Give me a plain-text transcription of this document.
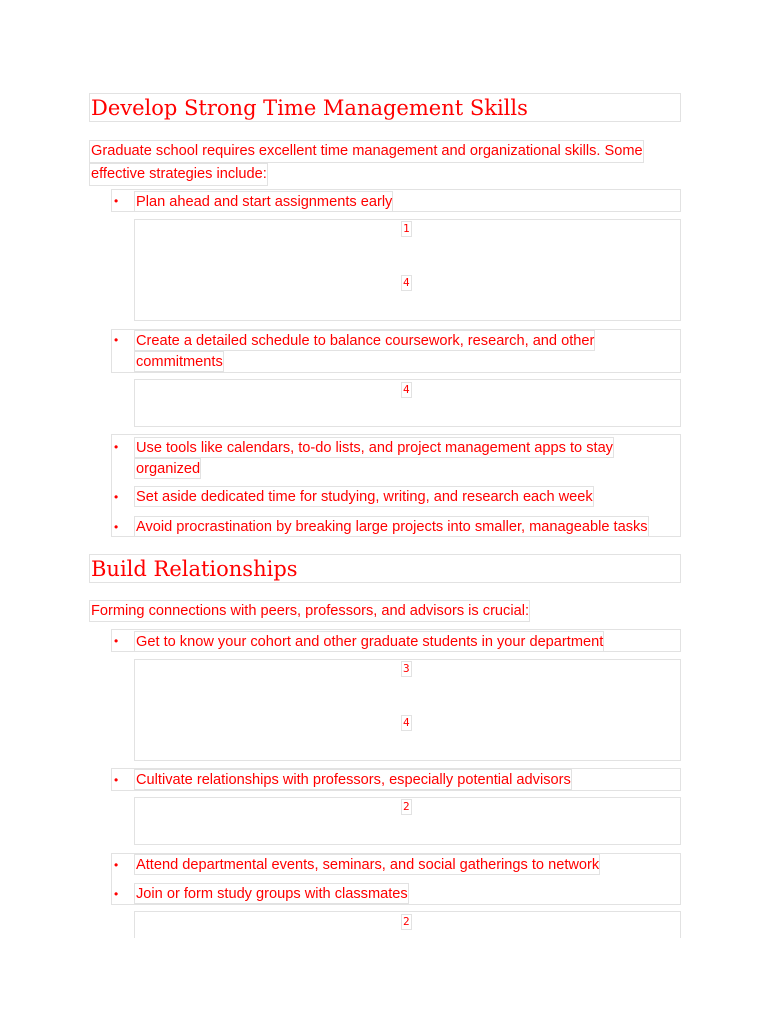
Develop Strong Time Management Skills
Graduate school requires excellent time management and organizational skills. Some
effective strategies include:
• Plan ahead and start assignments early
1
4
• Create a detailed schedule to balance coursework, research, and other
commitments
4
• Use tools like calendars, to-do lists, and project management apps to stay
organized
• Set aside dedicated time for studying, writing, and research each week
• Avoid procrastination by breaking large projects into smaller, manageable tasks
Build Relationships
Forming connections with peers, professors, and advisors is crucial:
• Get to know your cohort and other graduate students in your department
3
4
• Cultivate relationships with professors, especially potential advisors
2
• Attend departmental events, seminars, and social gatherings to network
• Join or form study groups with classmates
2
